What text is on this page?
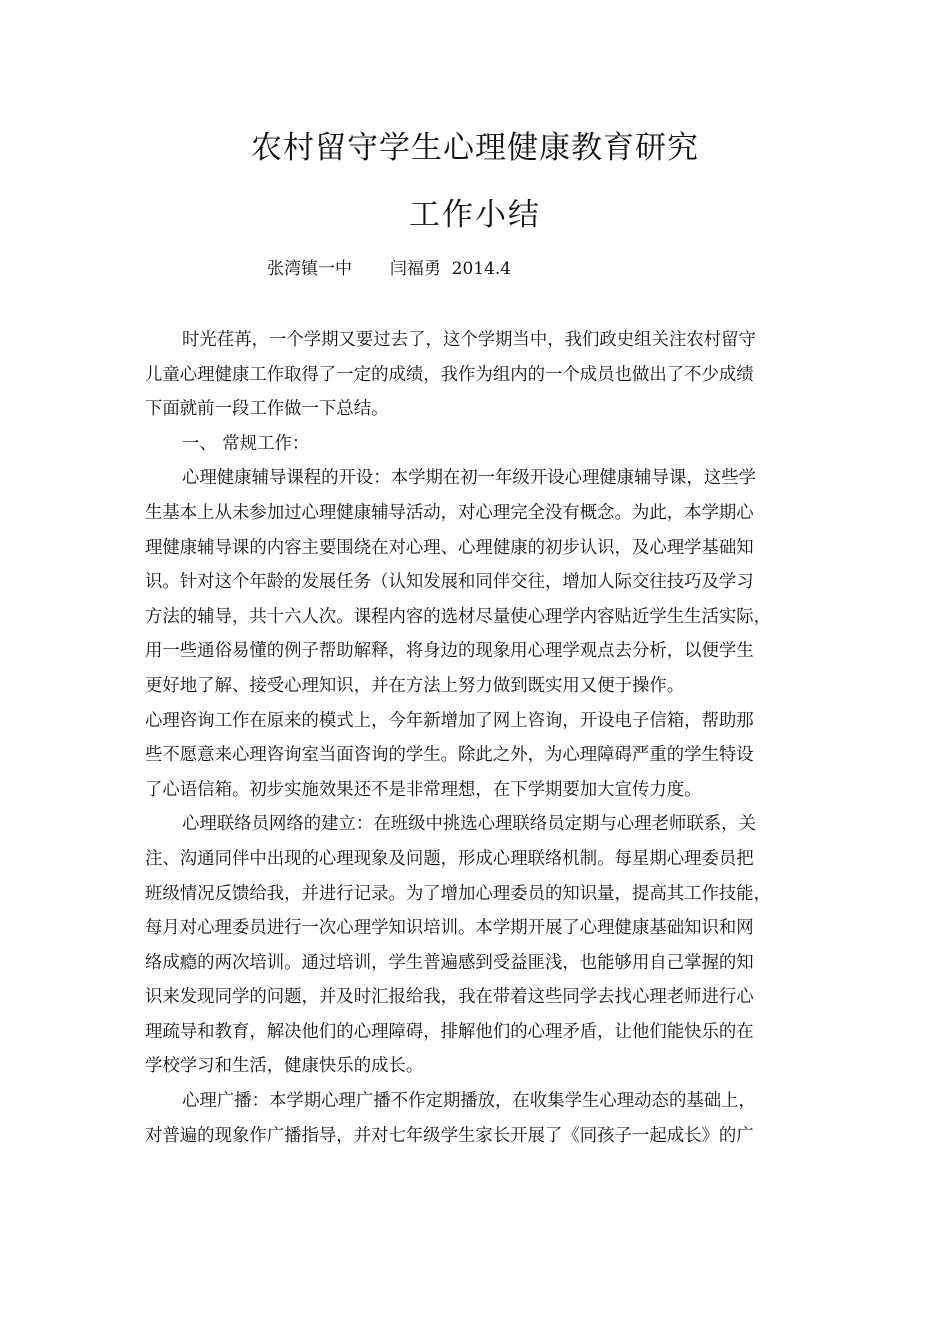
农村留守学生心理健康教育研究
工作小结
张湾镇一中 闫福勇 2014.4
时光荏苒，一个学期又要过去了，这个学期当中，我们政史组关注农村留守
儿童心理健康工作取得了一定的成绩，我作为组内的一个成员也做出了不少成绩
下面就前一段工作做一下总结。
一、 常规工作：
心理健康辅导课程的开设：本学期在初一年级开设心理健康辅导课，这些学
生基本上从未参加过心理健康辅导活动，对心理完全没有概念。为此，本学期心
理健康辅导课的内容主要围绕在对心理、心理健康的初步认识，及心理学基础知
识。针对这个年龄的发展任务（认知发展和同伴交往，增加人际交往技巧及学习
方法的辅导，共十六人次。课程内容的选材尽量使心理学内容贴近学生生活实际，
用一些通俗易懂的例子帮助解释，将身边的现象用心理学观点去分析，以便学生
更好地了解、接受心理知识，并在方法上努力做到既实用又便于操作。
心理咨询工作在原来的模式上，今年新增加了网上咨询，开设电子信箱，帮助那
些不愿意来心理咨询室当面咨询的学生。除此之外，为心理障碍严重的学生特设
了心语信箱。初步实施效果还不是非常理想，在下学期要加大宣传力度。
心理联络员网络的建立：在班级中挑选心理联络员定期与心理老师联系，关
注、沟通同伴中出现的心理现象及问题，形成心理联络机制。每星期心理委员把
班级情况反馈给我，并进行记录。为了增加心理委员的知识量，提高其工作技能，
每月对心理委员进行一次心理学知识培训。本学期开展了心理健康基础知识和网
络成瘾的两次培训。通过培训，学生普遍感到受益匪浅，也能够用自己掌握的知
识来发现同学的问题，并及时汇报给我，我在带着这些同学去找心理老师进行心
理疏导和教育，解决他们的心理障碍，排解他们的心理矛盾，让他们能快乐的在
学校学习和生活，健康快乐的成长。
心理广播：本学期心理广播不作定期播放，在收集学生心理动态的基础上，
对普遍的现象作广播指导，并对七年级学生家长开展了《同孩子一起成长》的广
